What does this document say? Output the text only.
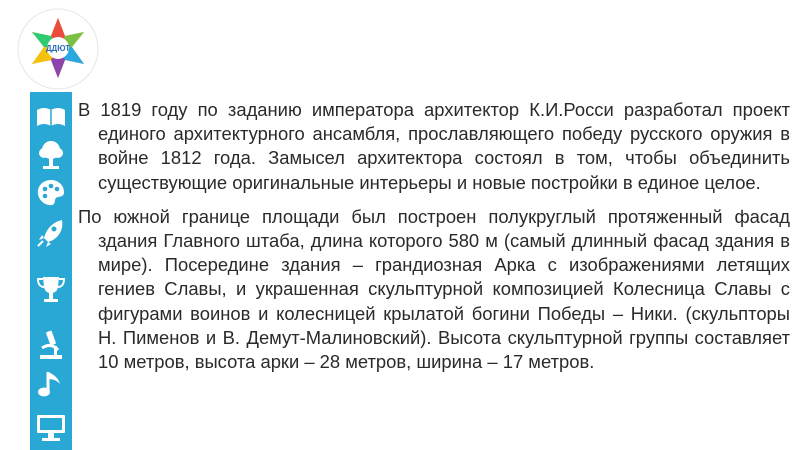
ДДЮТ

В 1819 году по заданию императора архитектор К.И.Росси разработал проект единого архитектурного ансамбля, прославляющего победу русского оружия в войне 1812 года. Замысел архитектора состоял в том, чтобы объединить существующие оригинальные интерьеры и новые постройки в единое целое.

По южной границе площади был построен полукруглый протяженный фасад здания Главного штаба, длина которого 580 м (самый длинный фасад здания в мире). Посередине здания – грандиозная Арка с изображениями летящих гениев Славы, и украшенная скульптурной композицией Колесница Славы с фигурами воинов и колесницей крылатой богини Победы – Ники. (скульпторы Н. Пименов и В. Демут-Малиновский). Высота скульптурной группы составляет 10 метров, высота арки – 28 метров, ширина – 17 метров.
